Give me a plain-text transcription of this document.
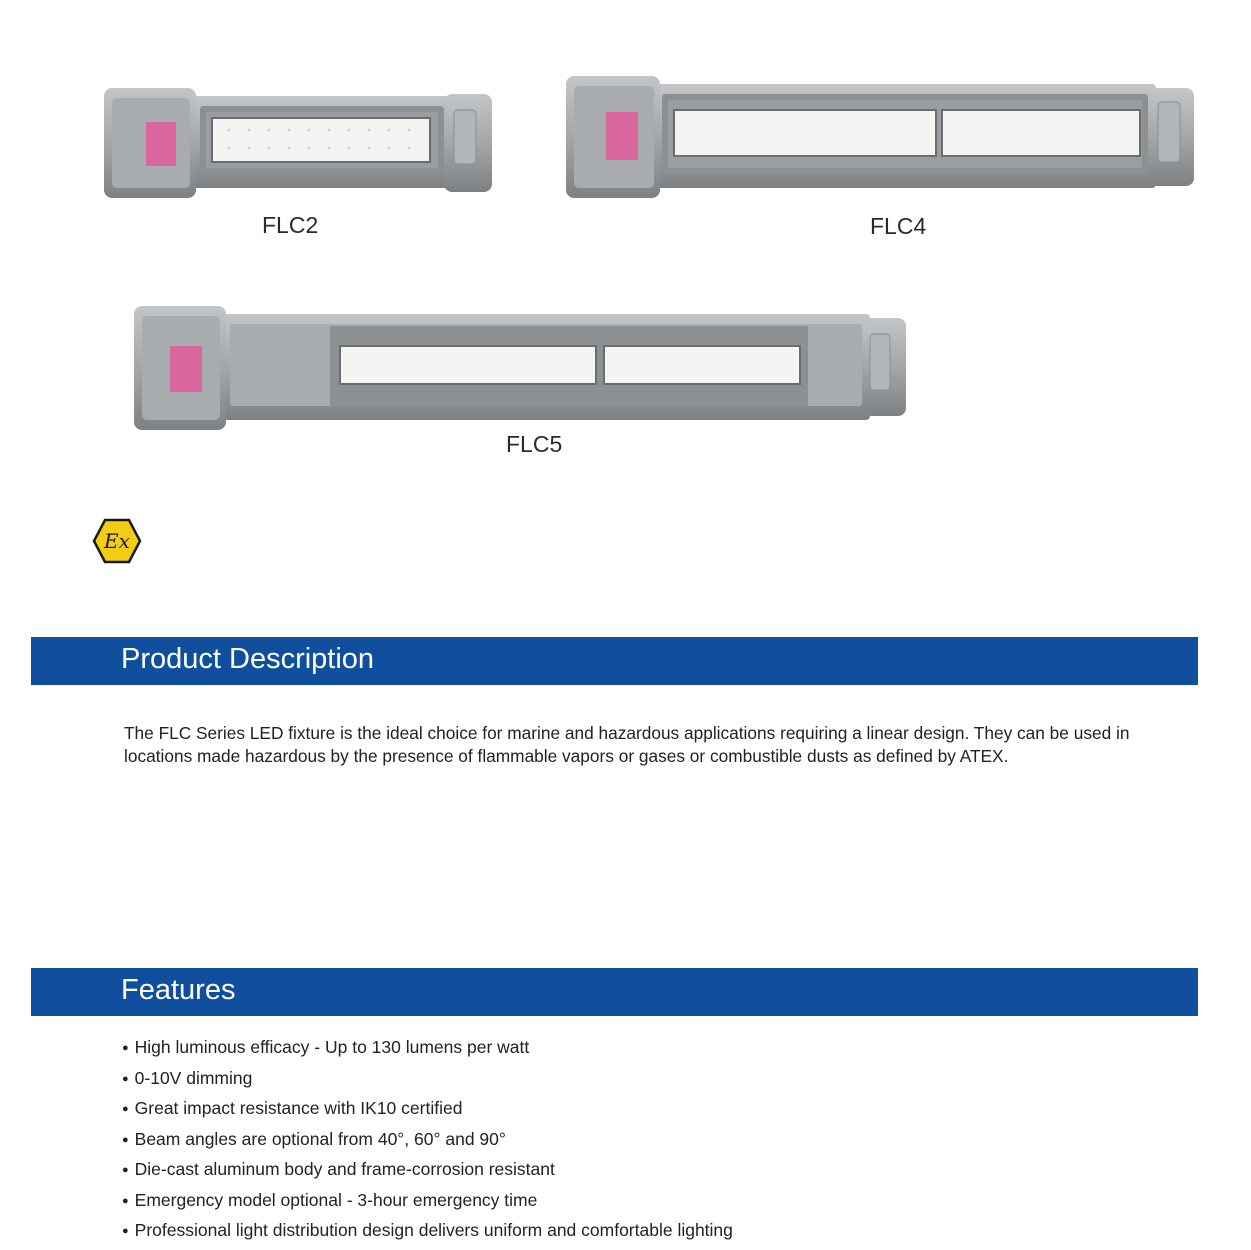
FLC2	FLC4
FLC5
Ex
Product Description
The FLC Series LED fixture is the ideal choice for marine and hazardous applications requiring a linear design. They can be used in locations made hazardous by the presence of flammable vapors or gases or combustible dusts as defined by ATEX.
Features
● High luminous efficacy - Up to 130 lumens per watt
● 0-10V dimming
● Great impact resistance with IK10 certified
● Beam angles are optional from 40°, 60° and 90°
● Die-cast aluminum body and frame-corrosion resistant
● Emergency model optional - 3-hour emergency time
● Professional light distribution design delivers uniform and comfortable lighting
